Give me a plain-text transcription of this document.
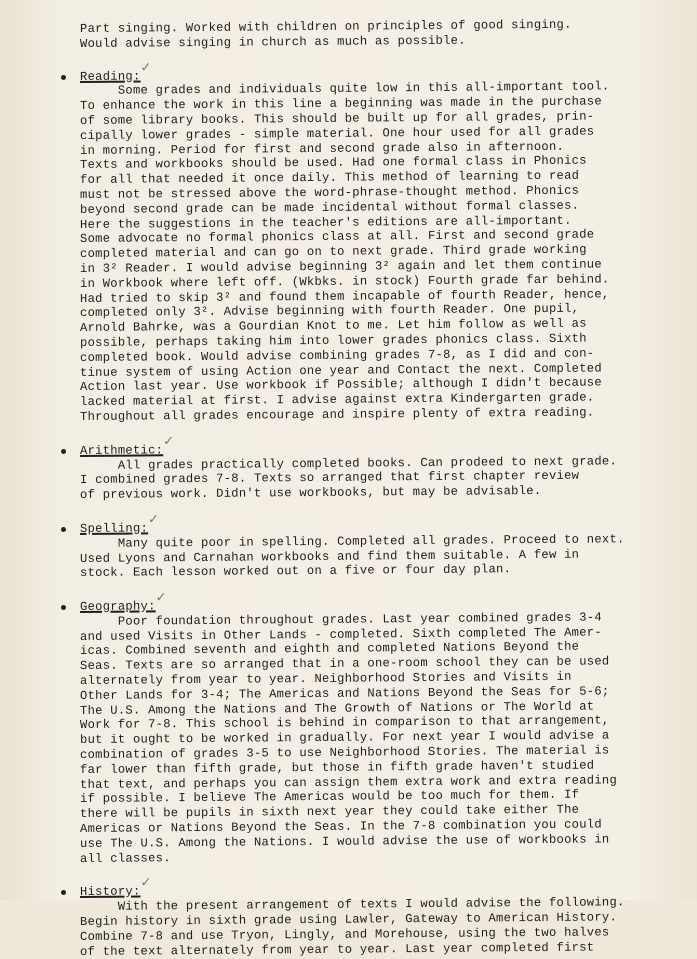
Part singing. Worked with children on principles of good singing.
Would advise singing in church as much as possible.
Reading:
✓
Some grades and individuals quite low in this all-important tool.
To enhance the work in this line a beginning was made in the purchase
of some library books. This should be built up for all grades, prin-
cipally lower grades - simple material. One hour used for all grades
in morning. Period for first and second grade also in afternoon.
Texts and workbooks should be used. Had one formal class in Phonics
for all that needed it once daily. This method of learning to read
must not be stressed above the word-phrase-thought method. Phonics
beyond second grade can be made incidental without formal classes.
Here the suggestions in the teacher's editions are all-important.
Some advocate no formal phonics class at all. First and second grade
completed material and can go on to next grade. Third grade working
in 3² Reader. I would advise beginning 3² again and let them continue
in Workbook where left off. (Wkbks. in stock) Fourth grade far behind.
Had tried to skip 3² and found them incapable of fourth Reader, hence,
completed only 3². Advise beginning with fourth Reader. One pupil,
Arnold Bahrke, was a Gourdian Knot to me. Let him follow as well as
possible, perhaps taking him into lower grades phonics class. Sixth
completed book. Would advise combining grades 7-8, as I did and con-
tinue system of using Action one year and Contact the next. Completed
Action last year. Use workbook if Possible; although I didn't because
lacked material at first. I advise against extra Kindergarten grade.
Throughout all grades encourage and inspire plenty of extra reading.
Arithmetic:
✓
All grades practically completed books. Can prodeed to next grade.
I combined grades 7-8. Texts so arranged that first chapter review
of previous work. Didn't use workbooks, but may be advisable.
Spelling:
✓
Many quite poor in spelling. Completed all grades. Proceed to next.
Used Lyons and Carnahan workbooks and find them suitable. A few in
stock. Each lesson worked out on a five or four day plan.
Geography:
✓
Poor foundation throughout grades. Last year combined grades 3-4
and used Visits in Other Lands - completed. Sixth completed The Amer-
icas. Combined seventh and eighth and completed Nations Beyond the
Seas. Texts are so arranged that in a one-room school they can be used
alternately from year to year. Neighborhood Stories and Visits in
Other Lands for 3-4; The Americas and Nations Beyond the Seas for 5-6;
The U.S. Among the Nations and The Growth of Nations or The World at
Work for 7-8. This school is behind in comparison to that arrangement,
but it ought to be worked in gradually. For next year I would advise a
combination of grades 3-5 to use Neighborhood Stories. The material is
far lower than fifth grade, but those in fifth grade haven't studied
that text, and perhaps you can assign them extra work and extra reading
if possible. I believe The Americas would be too much for them. If
there will be pupils in sixth next year they could take either The
Americas or Nations Beyond the Seas. In the 7-8 combination you could
use The U.S. Among the Nations. I would advise the use of workbooks in
all classes.
History:
✓
With the present arrangement of texts I would advise the following.
Begin history in sixth grade using Lawler, Gateway to American History.
Combine 7-8 and use Tryon, Lingly, and Morehouse, using the two halves
of the text alternately from year to year. Last year completed first
